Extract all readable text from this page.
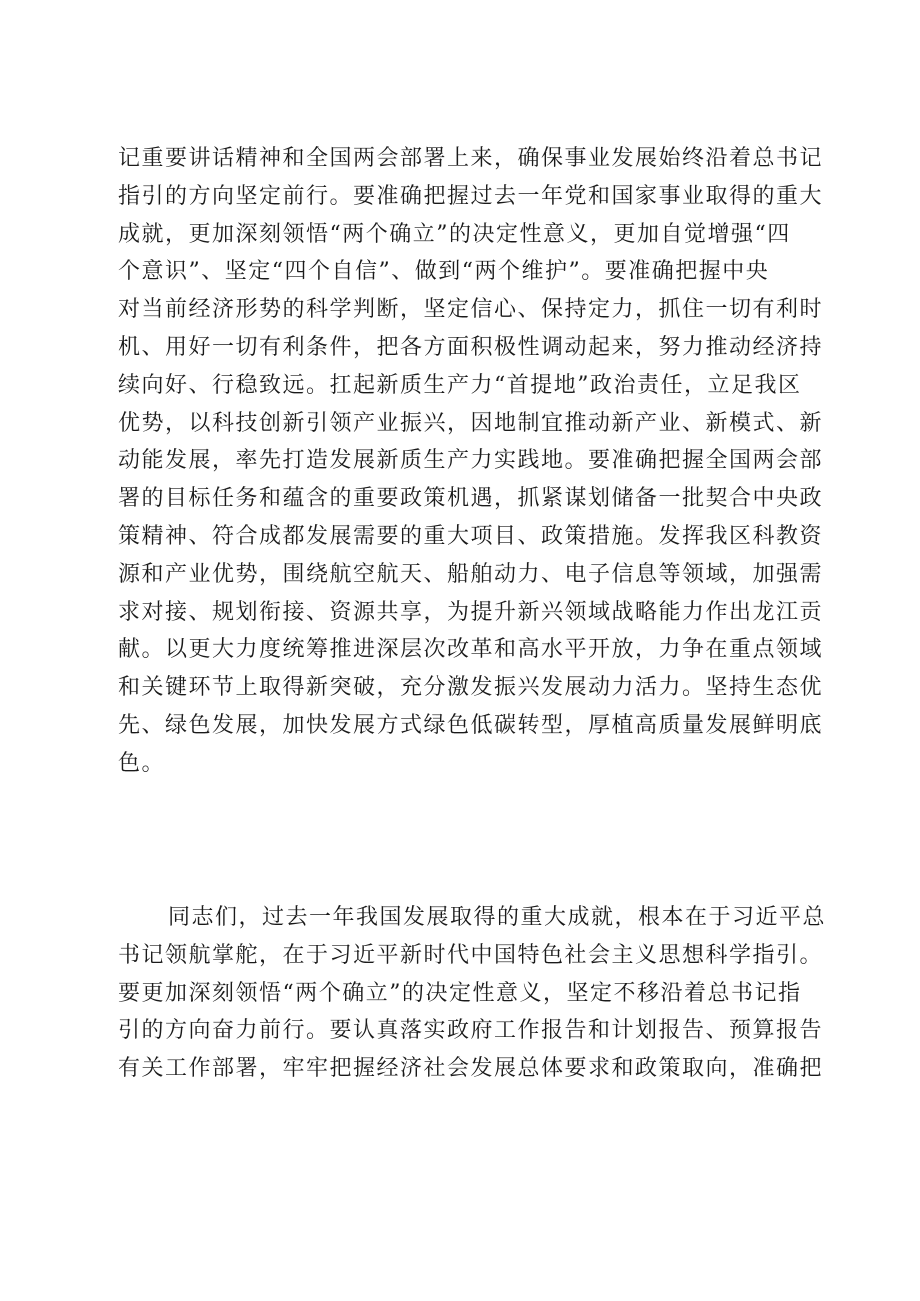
记重要讲话精神和全国两会部署上来，确保事业发展始终沿着总书记
指引的方向坚定前行。要准确把握过去一年党和国家事业取得的重大
成就，更加深刻领悟“两个确立”的决定性意义，更加自觉增强“四
个意识”、坚定“四个自信”、做到“两个维护”。要准确把握中央
对当前经济形势的科学判断，坚定信心、保持定力，抓住一切有利时
机、用好一切有利条件，把各方面积极性调动起来，努力推动经济持
续向好、行稳致远。扛起新质生产力“首提地”政治责任，立足我区
优势，以科技创新引领产业振兴，因地制宜推动新产业、新模式、新
动能发展，率先打造发展新质生产力实践地。要准确把握全国两会部
署的目标任务和蕴含的重要政策机遇，抓紧谋划储备一批契合中央政
策精神、符合成都发展需要的重大项目、政策措施。发挥我区科教资
源和产业优势，围绕航空航天、船舶动力、电子信息等领域，加强需
求对接、规划衔接、资源共享，为提升新兴领域战略能力作出龙江贡
献。以更大力度统筹推进深层次改革和高水平开放，力争在重点领域
和关键环节上取得新突破，充分激发振兴发展动力活力。坚持生态优
先、绿色发展，加快发展方式绿色低碳转型，厚植高质量发展鲜明底
色。
同志们，过去一年我国发展取得的重大成就，根本在于习近平总
书记领航掌舵，在于习近平新时代中国特色社会主义思想科学指引。
要更加深刻领悟“两个确立”的决定性意义，坚定不移沿着总书记指
引的方向奋力前行。要认真落实政府工作报告和计划报告、预算报告
有关工作部署，牢牢把握经济社会发展总体要求和政策取向，准确把
